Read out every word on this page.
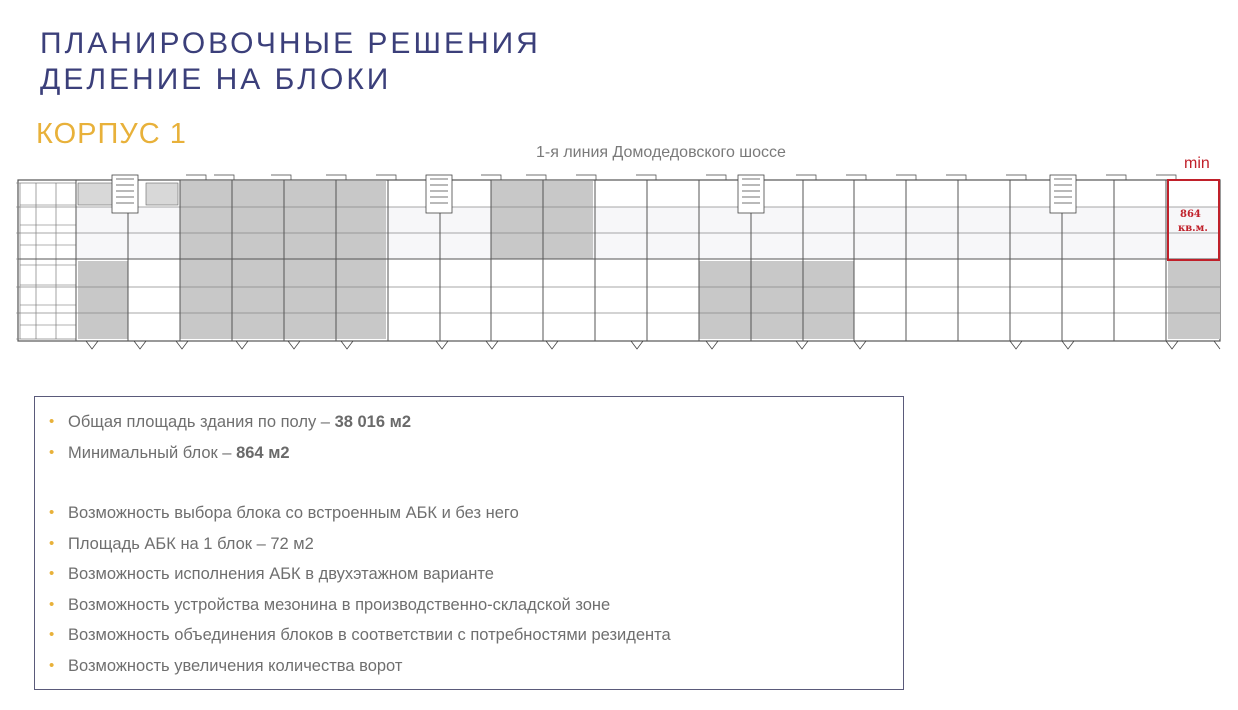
ПЛАНИРОВОЧНЫЕ РЕШЕНИЯ
ДЕЛЕНИЕ НА БЛОКИ
КОРПУС 1
1-я линия Домодедовского шоссе
min
864
кв.м.
• Общая площадь здания по полу – 38 016 м2
• Минимальный блок – 864 м2
• Возможность выбора блока со встроенным АБК и без него
• Площадь АБК на 1 блок – 72 м2
• Возможность исполнения АБК в двухэтажном варианте
• Возможность устройства мезонина в производственно-складской зоне
• Возможность объединения блоков в соответствии с потребностями резидента
• Возможность увеличения количества ворот
